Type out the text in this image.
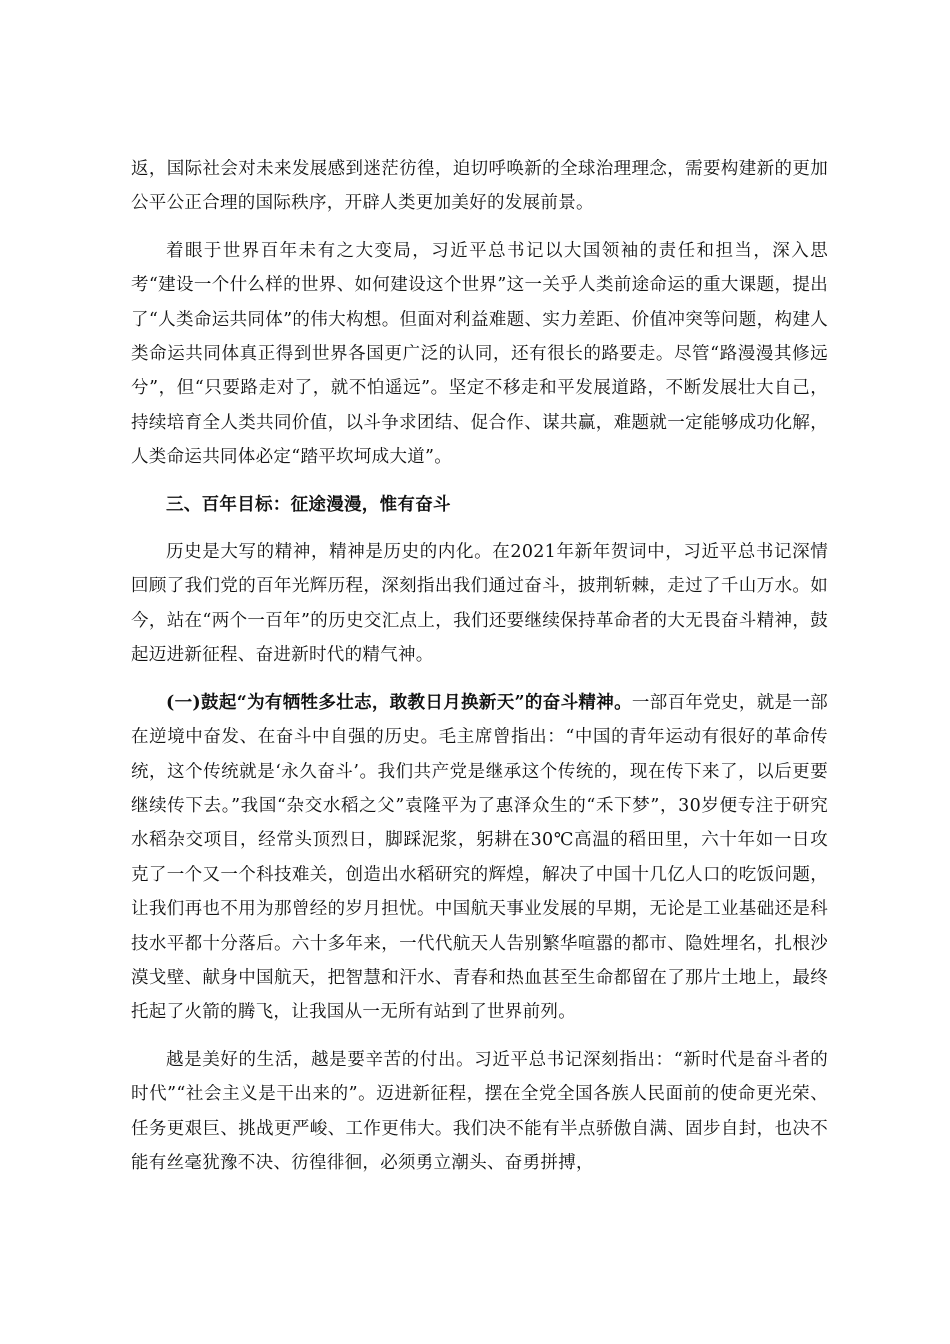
返，国际社会对未来发展感到迷茫彷徨，迫切呼唤新的全球治理理念，需要构建新的更加公平公正合理的国际秩序，开辟人类更加美好的发展前景。

着眼于世界百年未有之大变局，习近平总书记以大国领袖的责任和担当，深入思考“建设一个什么样的世界、如何建设这个世界”这一关乎人类前途命运的重大课题，提出了“人类命运共同体”的伟大构想。但面对利益难题、实力差距、价值冲突等问题，构建人类命运共同体真正得到世界各国更广泛的认同，还有很长的路要走。尽管“路漫漫其修远兮”，但“只要路走对了，就不怕遥远”。坚定不移走和平发展道路，不断发展壮大自己，持续培育全人类共同价值，以斗争求团结、促合作、谋共赢，难题就一定能够成功化解，人类命运共同体必定“踏平坎坷成大道”。

三、百年目标：征途漫漫，惟有奋斗

历史是大写的精神，精神是历史的内化。在2021年新年贺词中，习近平总书记深情回顾了我们党的百年光辉历程，深刻指出我们通过奋斗，披荆斩棘，走过了千山万水。如今，站在“两个一百年”的历史交汇点上，我们还要继续保持革命者的大无畏奋斗精神，鼓起迈进新征程、奋进新时代的精气神。

(一)鼓起“为有牺牲多壮志，敢教日月换新天”的奋斗精神。一部百年党史，就是一部在逆境中奋发、在奋斗中自强的历史。毛主席曾指出：“中国的青年运动有很好的革命传统，这个传统就是‘永久奋斗’。我们共产党是继承这个传统的，现在传下来了，以后更要继续传下去。”我国“杂交水稻之父”袁隆平为了惠泽众生的“禾下梦”，30岁便专注于研究水稻杂交项目，经常头顶烈日，脚踩泥浆，躬耕在30℃高温的稻田里，六十年如一日攻克了一个又一个科技难关，创造出水稻研究的辉煌，解决了中国十几亿人口的吃饭问题，让我们再也不用为那曾经的岁月担忧。中国航天事业发展的早期，无论是工业基础还是科技水平都十分落后。六十多年来，一代代航天人告别繁华喧嚣的都市、隐姓埋名，扎根沙漠戈壁、献身中国航天，把智慧和汗水、青春和热血甚至生命都留在了那片土地上，最终托起了火箭的腾飞，让我国从一无所有站到了世界前列。

越是美好的生活，越是要辛苦的付出。习近平总书记深刻指出：“新时代是奋斗者的时代”“社会主义是干出来的”。迈进新征程，摆在全党全国各族人民面前的使命更光荣、任务更艰巨、挑战更严峻、工作更伟大。我们决不能有半点骄傲自满、固步自封，也决不能有丝毫犹豫不决、彷徨徘徊，必须勇立潮头、奋勇拼搏，
